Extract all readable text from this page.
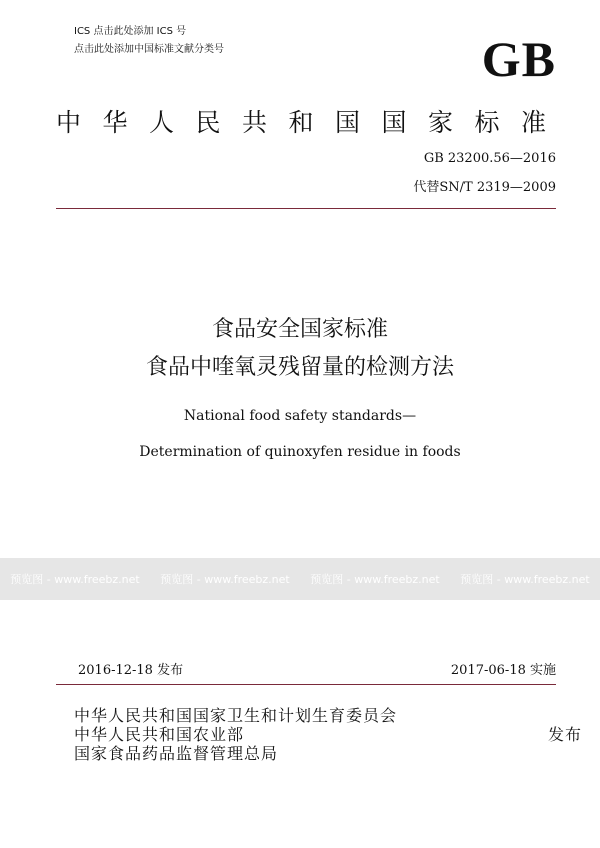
ICS 点击此处添加 ICS 号
点击此处添加中国标准文献分类号	GB
中华人民共和国国家标准
GB 23200.56—2016
代替SN/T 2319—2009
食品安全国家标准
食品中喹氧灵残留量的检测方法
National food safety standards—
Determination of quinoxyfen residue in foods
预览图 - www.freebz.net 预览图 - www.freebz.net 预览图 - www.freebz.net 预览图 - www.freebz.net
2016-12-18 发布	2017-06-18 实施
中华人民共和国国家卫生和计划生育委员会
中华人民共和国农业部
国家食品药品监督管理总局
发布
